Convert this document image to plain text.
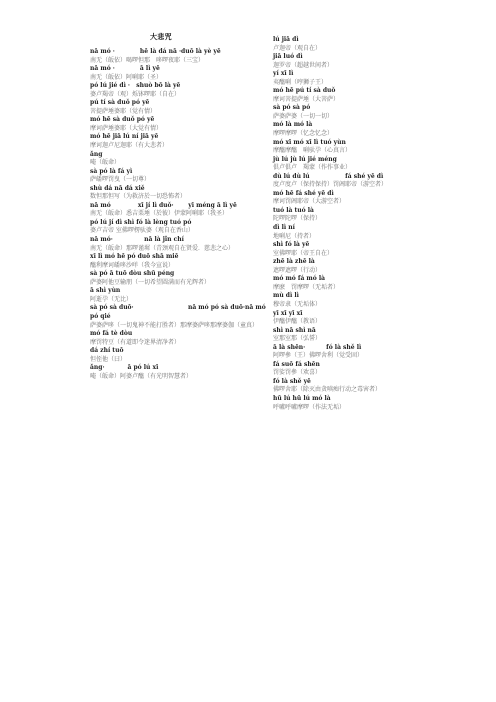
大悲咒

nā mó ·            hē là dá nā ·duō là yè yē

南无（皈依）喝啰怛那　哆啰夜耶（三宝）

nā mó ·            ā lì yē

南无（皈依）阿唎耶（圣）

pó lú jié dì ·   shuò bō là yē

婆卢羯帝（观）烁钵啰耶（自在）

pú tí sà duǒ pó yē

菩提萨埵婆耶（觉有情）

mó hē sà duǒ pó yē

摩诃萨埵婆耶（大觉有情）

mó hē jiā lú ní jiā yē

摩诃迦卢尼迦耶（有大悲者）

ǎng

唵（皈命）

sà pó là fá yì

萨皤啰罚曳（一切尊）

shù dá nā dá xiě

数怛那怛写（为救济於一切恐怖者）

nā mó             xī jí lì duǒ·       yī méng ā lì yē

南无（皈命）悉吉栗埵（於彼）伊蒙阿唎耶（我圣）

pó lú jí dì shì fó là lèng tuó pó

婆卢吉帝 室佛啰楞驮婆（观自在香山）

nā mó·               nā là jǐn chí

南无（皈命）那啰谨墀（青颈观自在贤爱．慈悲之心）

xī lì mó hē pó duō shā miē

醯利摩诃皤哆沙咩（我今宣说）

sà pó ā tuō dòu shū péng

萨婆阿他豆输朋（一切希望圆满而有光辉者）

ā shì yùn

阿逝孕（无比）

sà pó sà duō·                          nā mó pó sà duō·nā mó pó qié

萨婆萨哆（一切鬼神不能打胜者）那摩婆萨哆那摩婆伽（童真）

mó fá tè dòu

摩罚特豆（有道即令迷界清净者）

dá zhí tuō

怛侄他（曰）

ǎng·           ā pó lú xī

唵（皈命）阿婆卢醯（有光明智慧者）

lú jiā dì

卢迦帝（观自在）

jiā luó dì

迦罗帝（超越世间者）

yí xī lì

夷醯唎（哼狮子王）

mó hē pú tí sà duǒ

摩诃菩提萨埵（大菩萨）

sà pó sà pó

萨婆萨婆（一切一切）

mó là mó là

摩啰摩啰（忆念忆念）

mó xī mó xī lì tuó yùn

摩醯摩醯　唎驮孕（心真言）

jù lú jù lú jié méng

俱卢俱卢　羯蒙（作作事业）

dù lú dù lú                 fá shé yē dì

度卢度卢（保持保持）罚阇耶帝（游空者）

mó hē fá shé yē dì

摩诃罚阇耶帝（大游空者）

tuó là tuó là

陀啰陀啰（保持）

dì lì ní

地唎尼（持者）

shì fó là yē

室佛啰耶（帝王自在）

zhē là zhē là

遮啰遮啰（行动）

mó mó fá mó là

摩麽　罚摩啰（无垢者）

mù dì lì

穆帝隶（无垢体）

yī xī yī xī

伊醯伊醯（教语）

shì nā shì nā

室那室那（弘誓）

ā là shēn·          fó là shě lì

阿啰參（王）佛啰舍利（觉受固）

fá suō fá shēn

罚娑罚參（欢喜）

fó là shě yē

佛啰舍耶（除灭由贪嗔痴行动之毒害者）

hū lú hū lú mó là

呼嚧呼嚧摩啰（作法无垢）
